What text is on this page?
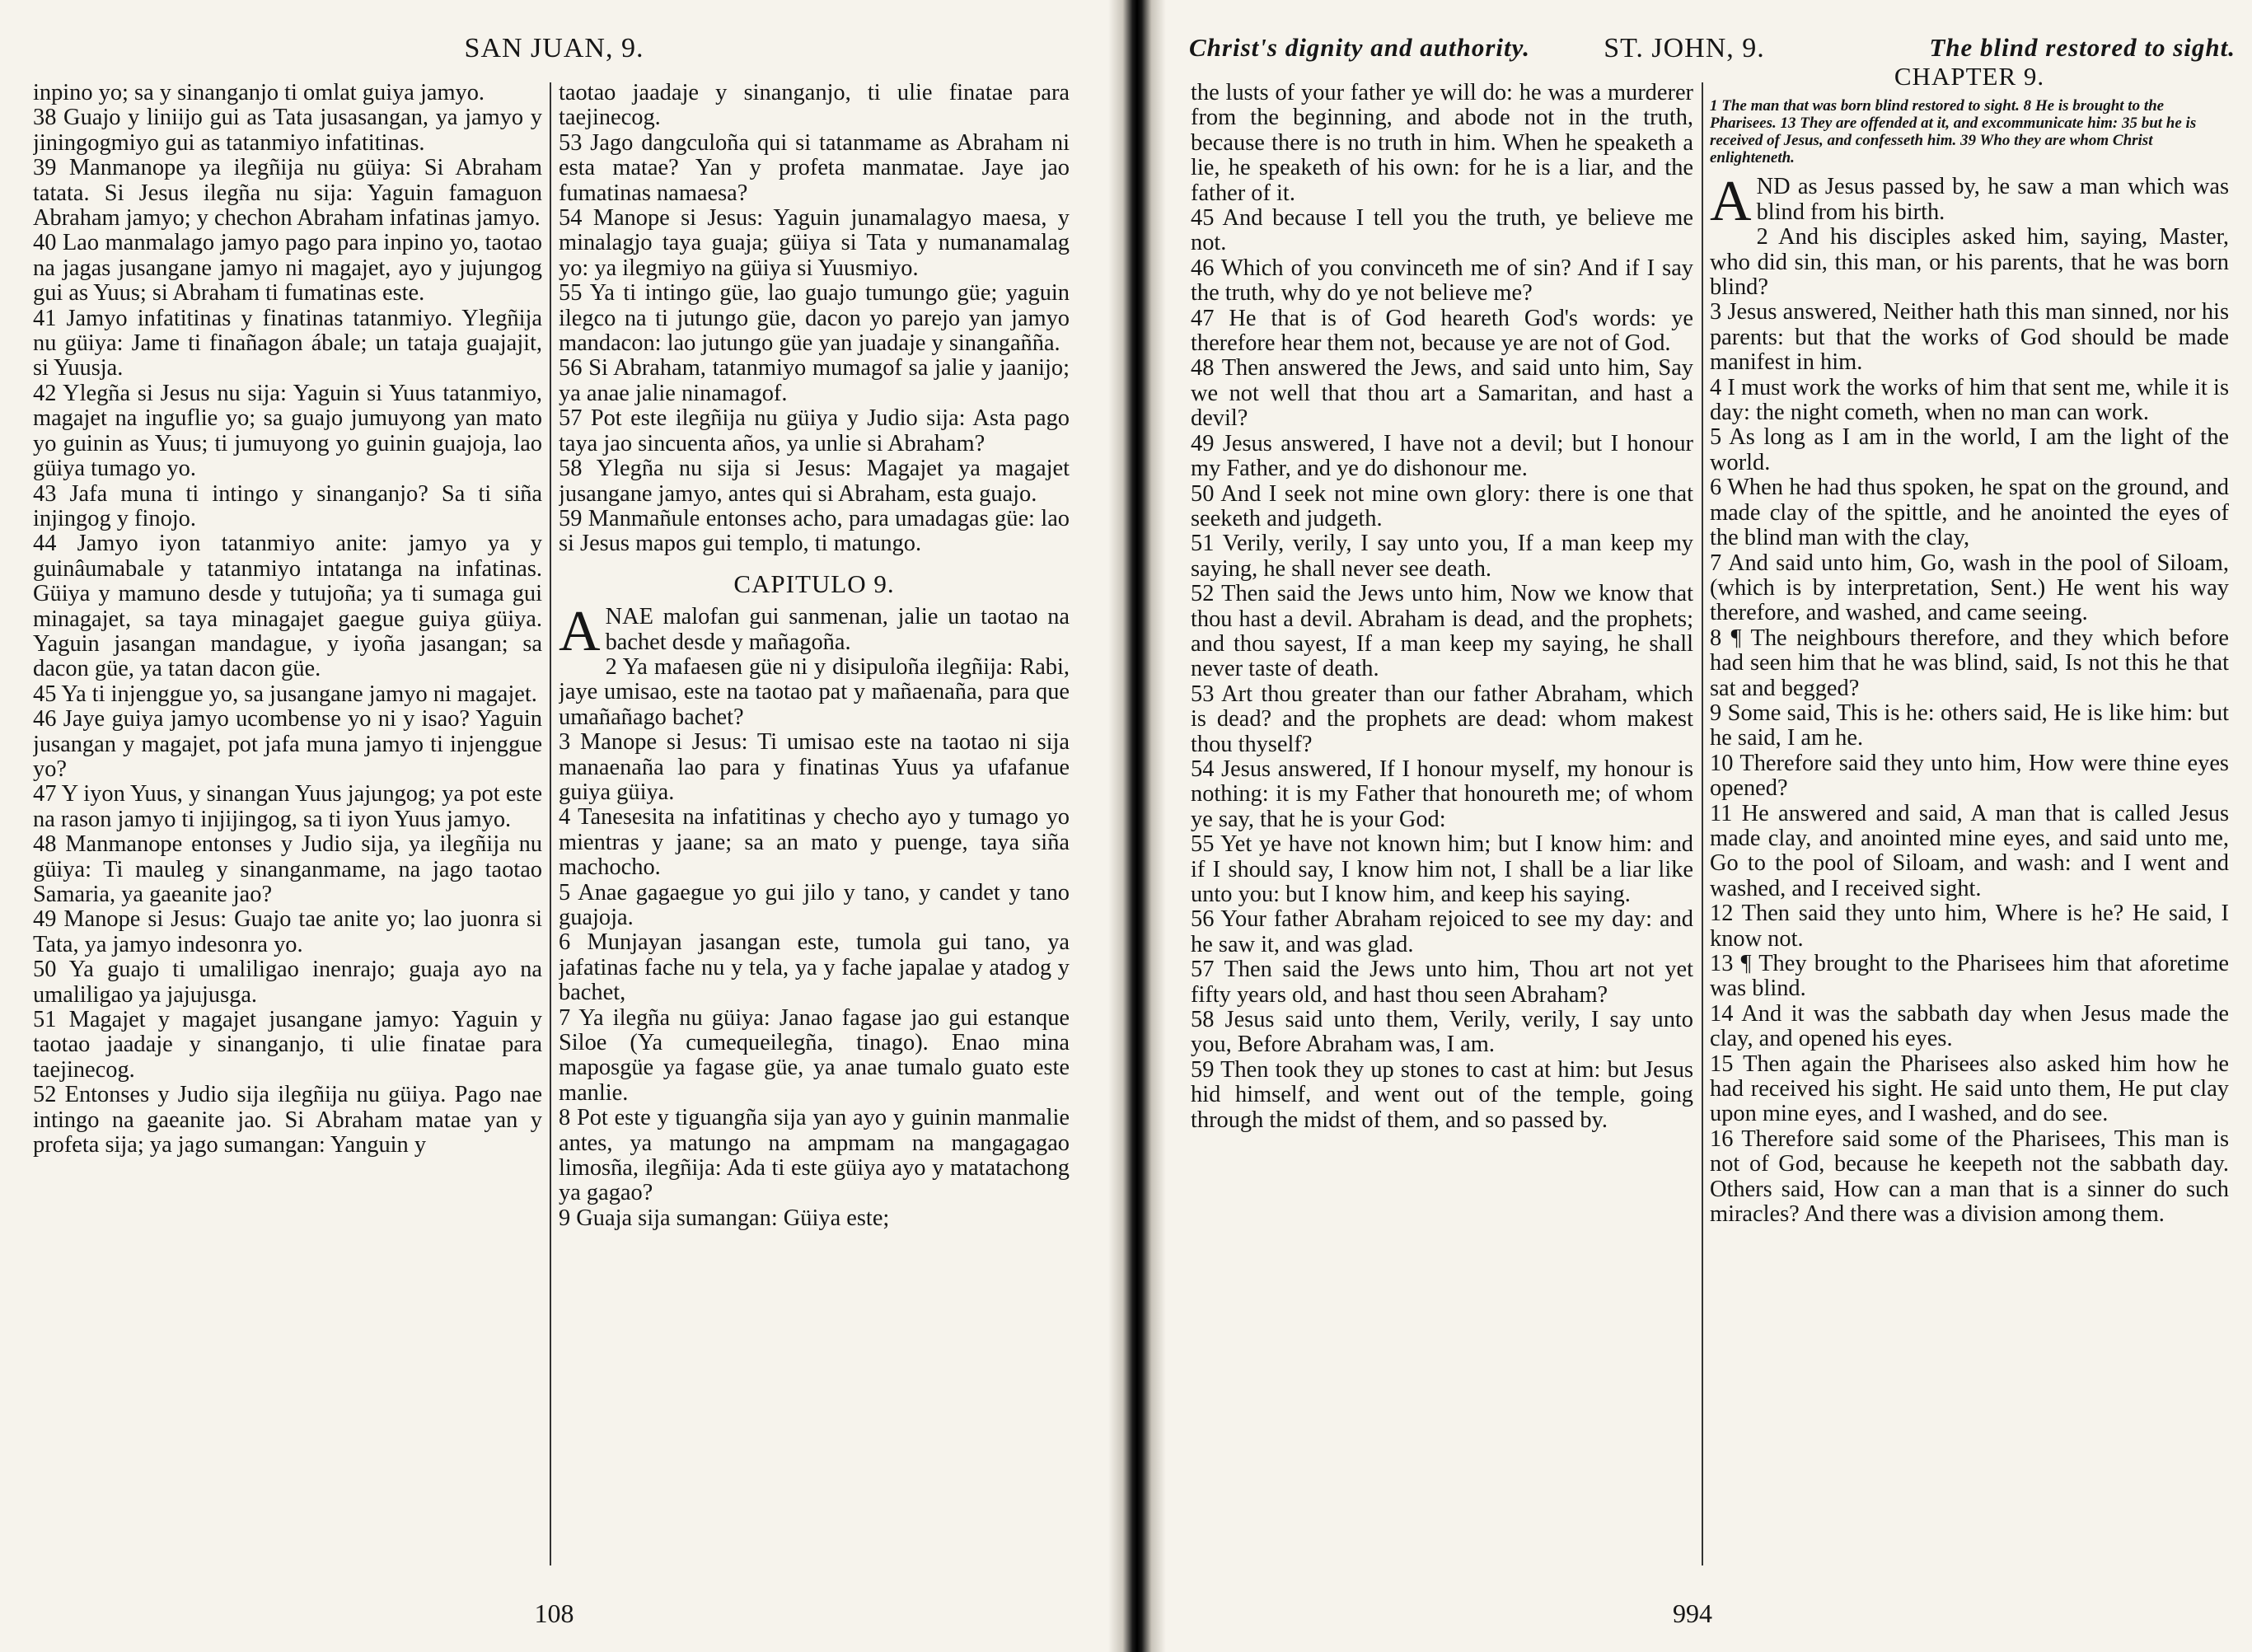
SAN JUAN, 9.

inpino yo; sa y sinanganjo ti omlat guiya jamyo.

38 Guajo y liniijo gui as Tata jusasangan, ya jamyo y jiningogmiyo gui as tatanmiyo infatitinas.

39 Manmanope ya ilegñija nu güiya: Si Abraham tatata. Si Jesus ilegña nu sija: Yaguin famaguon Abraham jamyo; y chechon Abraham infatinas jamyo.

40 Lao manmalago jamyo pago para inpino yo, taotao na jagas jusangane jamyo ni magajet, ayo y jujungog gui as Yuus; si Abraham ti fumatinas este.

41 Jamyo infatitinas y finatinas tatanmiyo. Ylegñija nu güiya: Jame ti finañagon ábale; un tataja guajajit, si Yuusja.

42 Ylegña si Jesus nu sija: Yaguin si Yuus tatanmiyo, magajet na inguflie yo; sa guajo jumuyong yan mato yo guinin as Yuus; ti jumuyong yo guinin guajoja, lao güiya tumago yo.

43 Jafa muna ti intingo y sinanganjo? Sa ti siña injingog y finojo.

44 Jamyo iyon tatanmiyo anite: jamyo ya y guinâumabale y tatanmiyo intatanga na infatinas. Güiya y mamuno desde y tutujoña; ya ti sumaga gui minagajet, sa taya minagajet gaegue guiya güiya. Yaguin jasangan mandague, y iyoña jasangan; sa dacon güe, ya tatan dacon güe.

45 Ya ti injenggue yo, sa jusangane jamyo ni magajet.

46 Jaye guiya jamyo ucombense yo ni y isao? Yaguin jusangan y magajet, pot jafa muna jamyo ti injenggue yo?

47 Y iyon Yuus, y sinangan Yuus jajungog; ya pot este na rason jamyo ti injijingog, sa ti iyon Yuus jamyo.

48 Manmanope entonses y Judio sija, ya ilegñija nu güiya: Ti mauleg y sinanganmame, na jago taotao Samaria, ya gaeanite jao?

49 Manope si Jesus: Guajo tae anite yo; lao juonra si Tata, ya jamyo indesonra yo.

50 Ya guajo ti umaliligao inenrajo; guaja ayo na umaliligao ya jajujusga.

51 Magajet y magajet jusangane jamyo: Yaguin y taotao jaadaje y sinanganjo, ti ulie finatae para taejinecog.

52 Entonses y Judio sija ilegñija nu güiya. Pago nae intingo na gaeanite jao. Si Abraham matae yan y profeta sija; ya jago sumangan: Yanguin y

taotao jaadaje y sinanganjo, ti ulie finatae para taejinecog.

53 Jago dangculoña qui si tatanmame as Abraham ni esta matae? Yan y profeta manmatae. Jaye jao fumatinas namaesa?

54 Manope si Jesus: Yaguin junamalagyo maesa, y minalagjo taya guaja; güiya si Tata y numanamalag yo: ya ilegmiyo na güiya si Yuusmiyo.

55 Ya ti intingo güe, lao guajo tumungo güe; yaguin ilegco na ti jutungo güe, dacon yo parejo yan jamyo mandacon: lao jutungo güe yan juadaje y sinangañña.

56 Si Abraham, tatanmiyo mumagof sa jalie y jaanijo; ya anae jalie ninamagof.

57 Pot este ilegñija nu güiya y Judio sija: Asta pago taya jao sincuenta años, ya unlie si Abraham?

58 Ylegña nu sija si Jesus: Magajet ya magajet jusangane jamyo, antes qui si Abraham, esta guajo.

59 Manmañule entonses acho, para umadagas güe: lao si Jesus mapos gui templo, ti matungo.

CAPITULO 9.

ANAE malofan gui sanmenan, jalie un taotao na bachet desde y mañagoña.

2 Ya mafaesen güe ni y disipuloña ilegñija: Rabi, jaye umisao, este na taotao pat y mañaenaña, para que umañañago bachet?

3 Manope si Jesus: Ti umisao este na taotao ni sija manaenaña lao para y finatinas Yuus ya ufafanue guiya güiya.

4 Tanesesita na infatitinas y checho ayo y tumago yo mientras y jaane; sa an mato y puenge, taya siña machocho.

5 Anae gagaegue yo gui jilo y tano, y candet y tano guajoja.

6 Munjayan jasangan este, tumola gui tano, ya jafatinas fache nu y tela, ya y fache japalae y atadog y bachet,

7 Ya ilegña nu güiya: Janao fagase jao gui estanque Siloe (Ya cumequeilegña, tinago). Enao mina maposgüe ya fagase güe, ya anae tumalo guato este manlie.

8 Pot este y tiguangña sija yan ayo y guinin manmalie antes, ya matungo na ampmam na mangagagao limosña, ilegñija: Ada ti este güiya ayo y matatachong ya gagao?

9 Guaja sija sumangan: Güiya este;

108
Christ's dignity and authority.	ST. JOHN, 9.	The blind restored to sight.

the lusts of your father ye will do: he was a murderer from the beginning, and abode not in the truth, because there is no truth in him. When he speaketh a lie, he speaketh of his own: for he is a liar, and the father of it.

45 And because I tell you the truth, ye believe me not.

46 Which of you convinceth me of sin? And if I say the truth, why do ye not believe me?

47 He that is of God heareth God's words: ye therefore hear them not, because ye are not of God.

48 Then answered the Jews, and said unto him, Say we not well that thou art a Samaritan, and hast a devil?

49 Jesus answered, I have not a devil; but I honour my Father, and ye do dishonour me.

50 And I seek not mine own glory: there is one that seeketh and judgeth.

51 Verily, verily, I say unto you, If a man keep my saying, he shall never see death.

52 Then said the Jews unto him, Now we know that thou hast a devil. Abraham is dead, and the prophets; and thou sayest, If a man keep my saying, he shall never taste of death.

53 Art thou greater than our father Abraham, which is dead? and the prophets are dead: whom makest thou thyself?

54 Jesus answered, If I honour myself, my honour is nothing: it is my Father that honoureth me; of whom ye say, that he is your God:

55 Yet ye have not known him; but I know him: and if I should say, I know him not, I shall be a liar like unto you: but I know him, and keep his saying.

56 Your father Abraham rejoiced to see my day: and he saw it, and was glad.

57 Then said the Jews unto him, Thou art not yet fifty years old, and hast thou seen Abraham?

58 Jesus said unto them, Verily, verily, I say unto you, Before Abraham was, I am.

59 Then took they up stones to cast at him: but Jesus hid himself, and went out of the temple, going through the midst of them, and so passed by.

CHAPTER 9.
1 The man that was born blind restored to sight. 8 He is brought to the Pharisees. 13 They are offended at it, and excommunicate him: 35 but he is received of Jesus, and confesseth him. 39 Who they are whom Christ enlighteneth.

AND as Jesus passed by, he saw a man which was blind from his birth.

2 And his disciples asked him, saying, Master, who did sin, this man, or his parents, that he was born blind?

3 Jesus answered, Neither hath this man sinned, nor his parents: but that the works of God should be made manifest in him.

4 I must work the works of him that sent me, while it is day: the night cometh, when no man can work.

5 As long as I am in the world, I am the light of the world.

6 When he had thus spoken, he spat on the ground, and made clay of the spittle, and he anointed the eyes of the blind man with the clay,

7 And said unto him, Go, wash in the pool of Siloam, (which is by interpretation, Sent.) He went his way therefore, and washed, and came seeing.

8 ¶ The neighbours therefore, and they which before had seen him that he was blind, said, Is not this he that sat and begged?

9 Some said, This is he: others said, He is like him: but he said, I am he.

10 Therefore said they unto him, How were thine eyes opened?

11 He answered and said, A man that is called Jesus made clay, and anointed mine eyes, and said unto me, Go to the pool of Siloam, and wash: and I went and washed, and I received sight.

12 Then said they unto him, Where is he? He said, I know not.

13 ¶ They brought to the Pharisees him that aforetime was blind.

14 And it was the sabbath day when Jesus made the clay, and opened his eyes.

15 Then again the Pharisees also asked him how he had received his sight. He said unto them, He put clay upon mine eyes, and I washed, and do see.

16 Therefore said some of the Pharisees, This man is not of God, because he keepeth not the sabbath day. Others said, How can a man that is a sinner do such miracles? And there was a division among them.

994
